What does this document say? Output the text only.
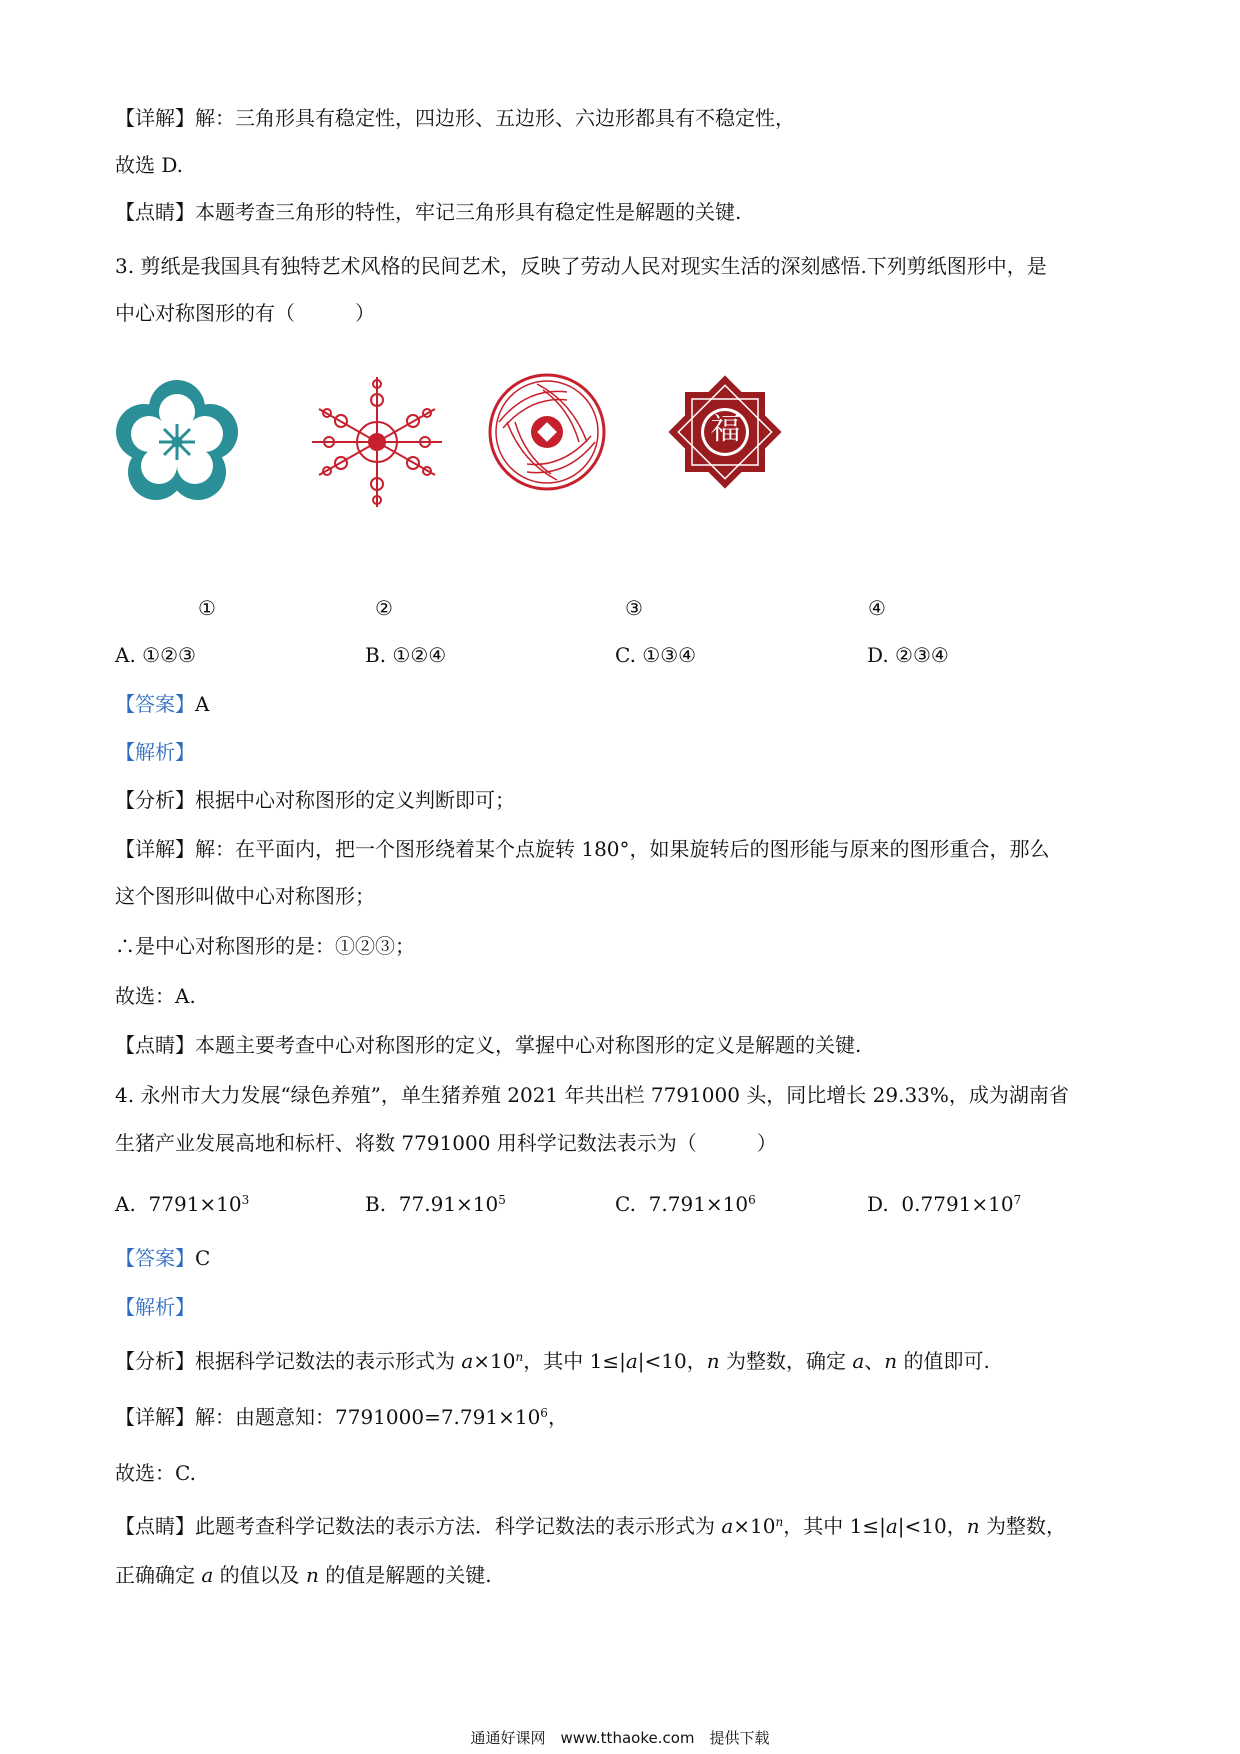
【详解】解：三角形具有稳定性，四边形、五边形、六边形都具有不稳定性，
故选 D.
【点睛】本题考查三角形的特性，牢记三角形具有稳定性是解题的关键.
3. 剪纸是我国具有独特艺术风格的民间艺术，反映了劳动人民对现实生活的深刻感悟.下列剪纸图形中，是
中心对称图形的有（　　　）
福
①	②	③	④
A. ①②③	B. ①②④	C. ①③④	D. ②③④
【答案】A
【解析】
【分析】根据中心对称图形的定义判断即可；
【详解】解：在平面内，把一个图形绕着某个点旋转 180°，如果旋转后的图形能与原来的图形重合，那么
这个图形叫做中心对称图形；
∴是中心对称图形的是：①②③；
故选：A.
【点睛】本题主要考查中心对称图形的定义，掌握中心对称图形的定义是解题的关键.
4. 永州市大力发展“绿色养殖”，单生猪养殖 2021 年共出栏 7791000 头，同比增长 29.33%，成为湖南省
生猪产业发展高地和标杆、将数 7791000 用科学记数法表示为（　　　）
A. $7791\times 10^3$	B. $77.91\times 10^5$	C. $7.791\times 10^6$	D. $0.7791\times 10^7$
【答案】C
【解析】
【分析】根据科学记数法的表示形式为 $a\times 10^n$，其中 1≤|a|<10，n 为整数，确定 a、n 的值即可.
【详解】解：由题意知：$7791000=7.791\times 10^6$，
故选：C.
【点睛】此题考查科学记数法的表示方法．科学记数法的表示形式为 $a\times 10^n$，其中 1≤|a|<10，n 为整数，
正确确定 a 的值以及 n 的值是解题的关键.
通通好课网　www.tthaoke.com　提供下载
